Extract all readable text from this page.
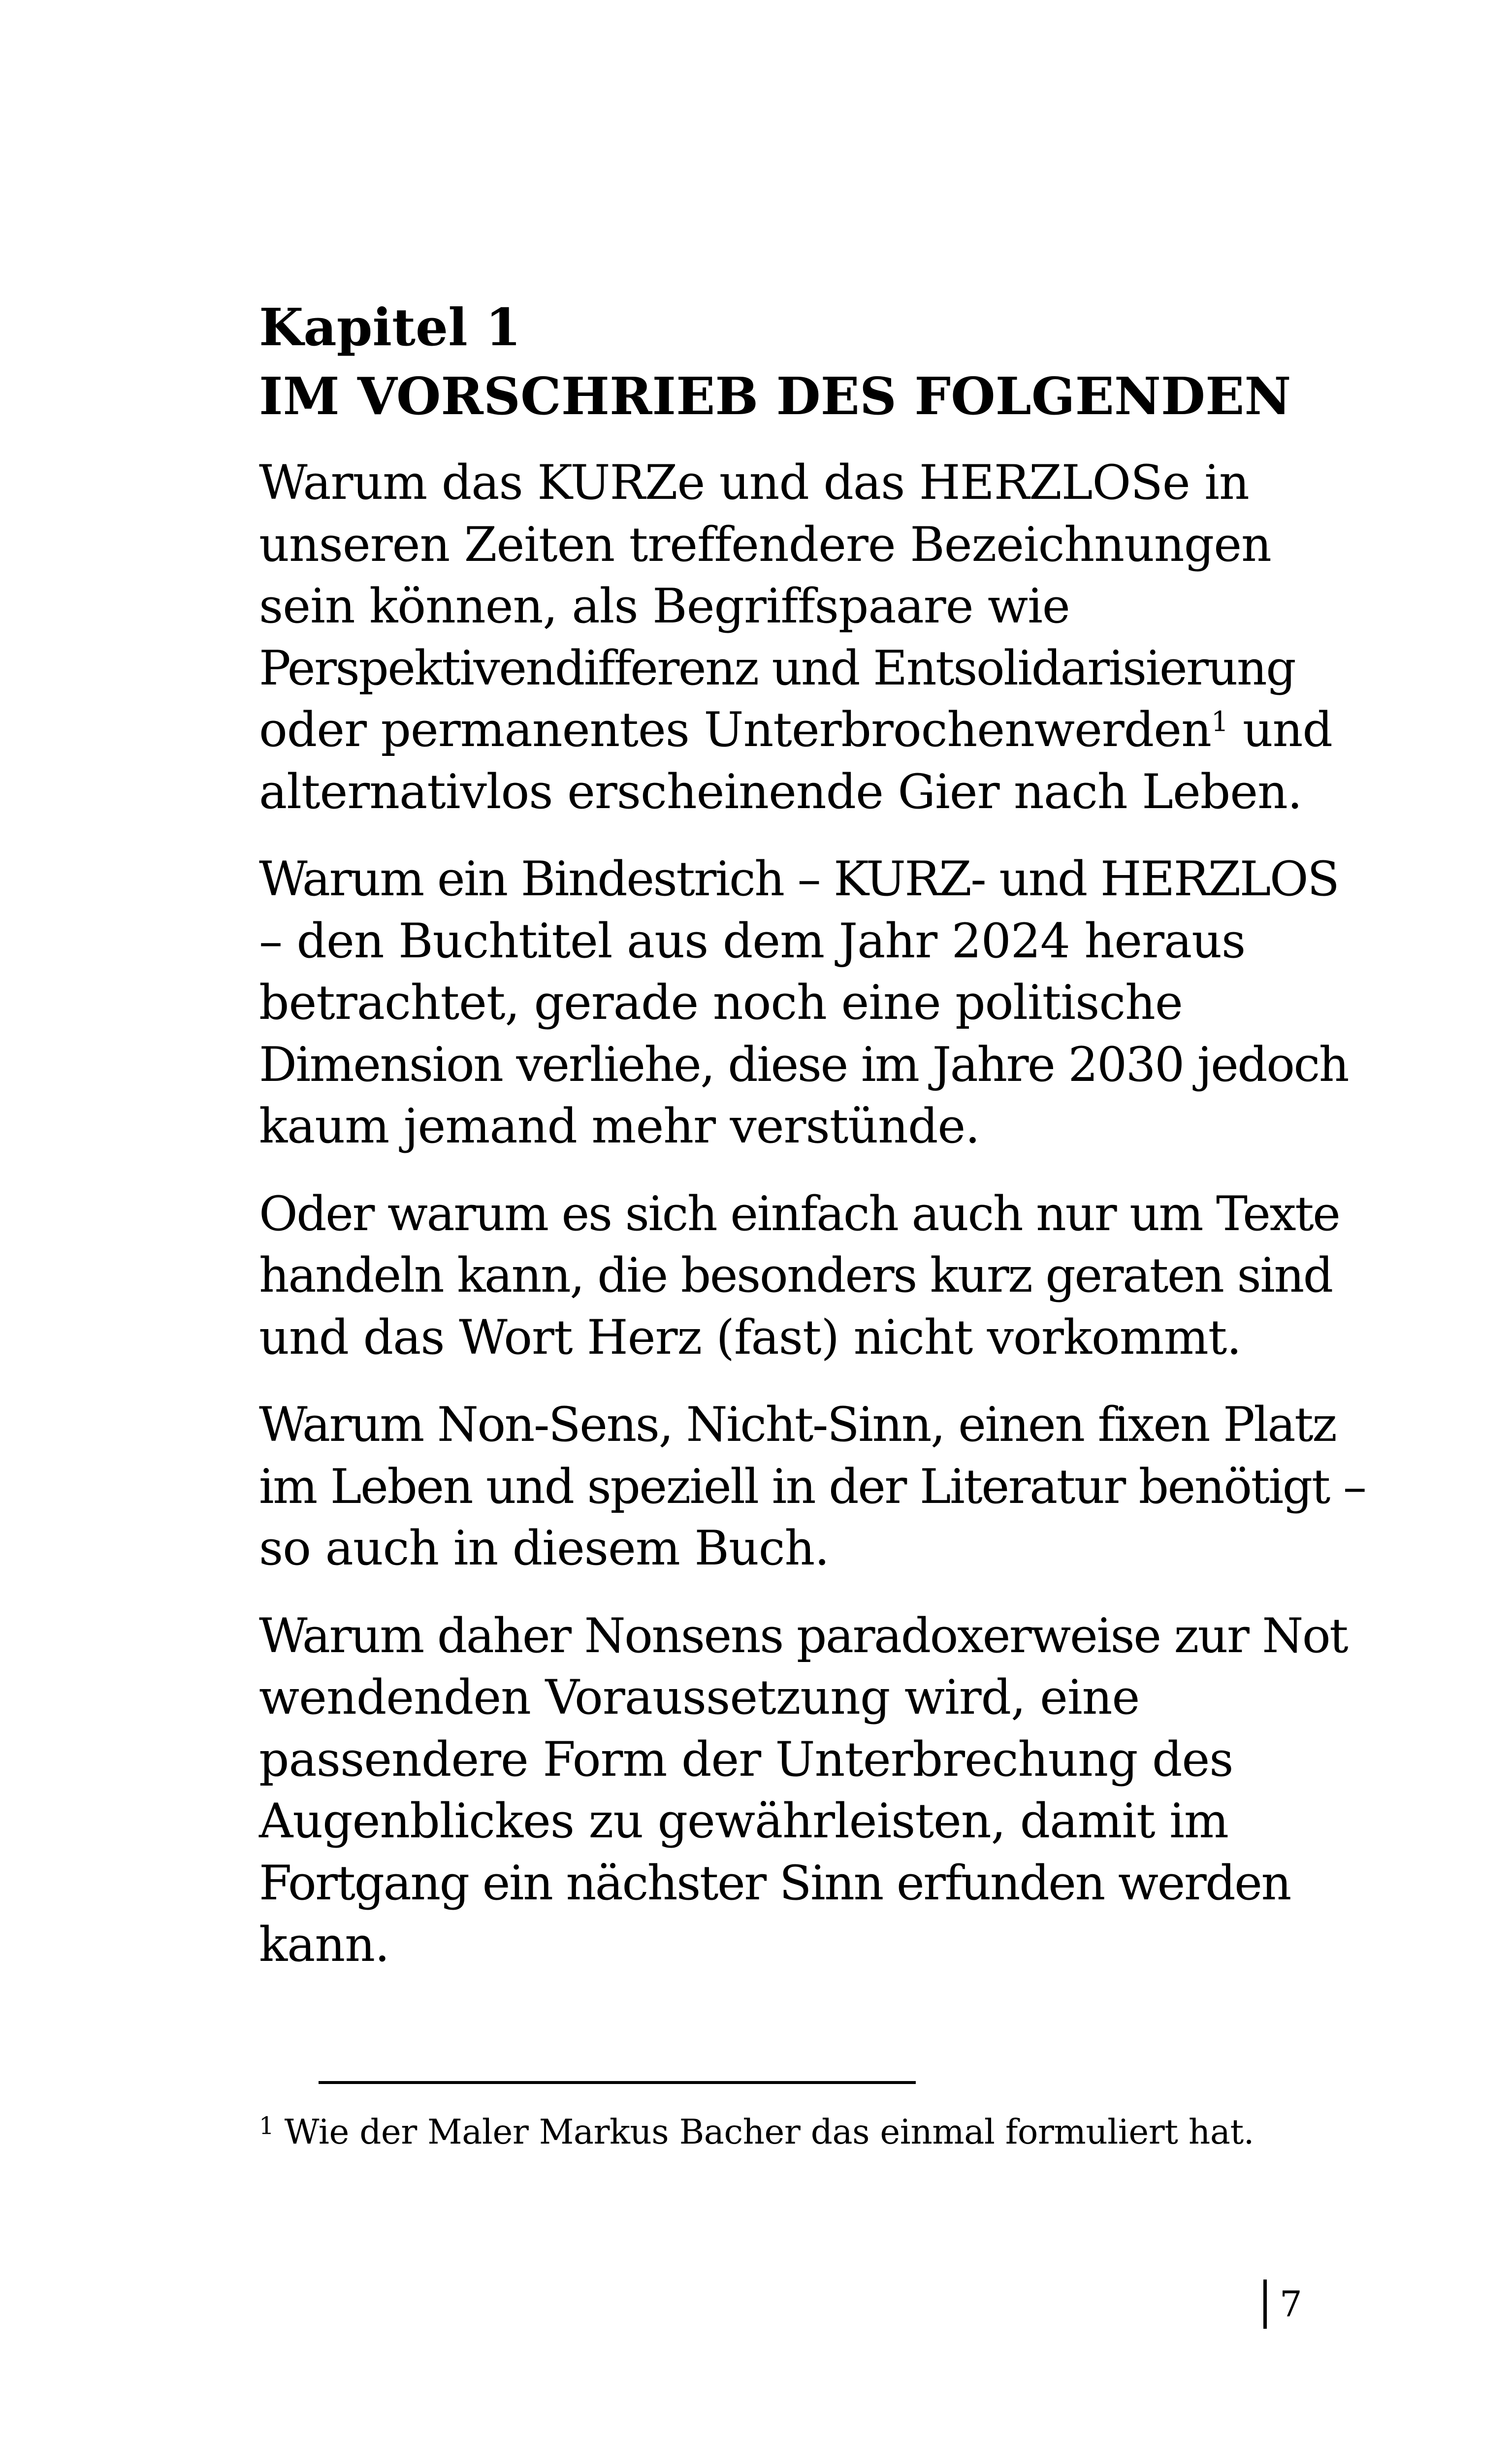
Kapitel 1
IM VORSCHRIEB DES FOLGENDEN

Warum das KURZe und das HERZLOSe in
unseren Zeiten treffendere Bezeichnungen
sein können, als Begriffspaare wie
Perspektivendifferenz und Entsolidarisierung
oder permanentes Unterbrochenwerden$^1$ und
alternativlos erscheinende Gier nach Leben.

Warum ein Bindestrich – KURZ- und HERZLOS
– den Buchtitel aus dem Jahr 2024 heraus
betrachtet, gerade noch eine politische
Dimension verliehe, diese im Jahre 2030 jedoch
kaum jemand mehr verstünde.

Oder warum es sich einfach auch nur um Texte
handeln kann, die besonders kurz geraten sind
und das Wort Herz (fast) nicht vorkommt.

Warum Non-Sens, Nicht-Sinn, einen fixen Platz
im Leben und speziell in der Literatur benötigt –
so auch in diesem Buch.

Warum daher Nonsens paradoxerweise zur Not
wendenden Voraussetzung wird, eine
passendere Form der Unterbrechung des
Augenblickes zu gewährleisten, damit im
Fortgang ein nächster Sinn erfunden werden
kann.

$^1$ Wie der Maler Markus Bacher das einmal formuliert hat.
7
